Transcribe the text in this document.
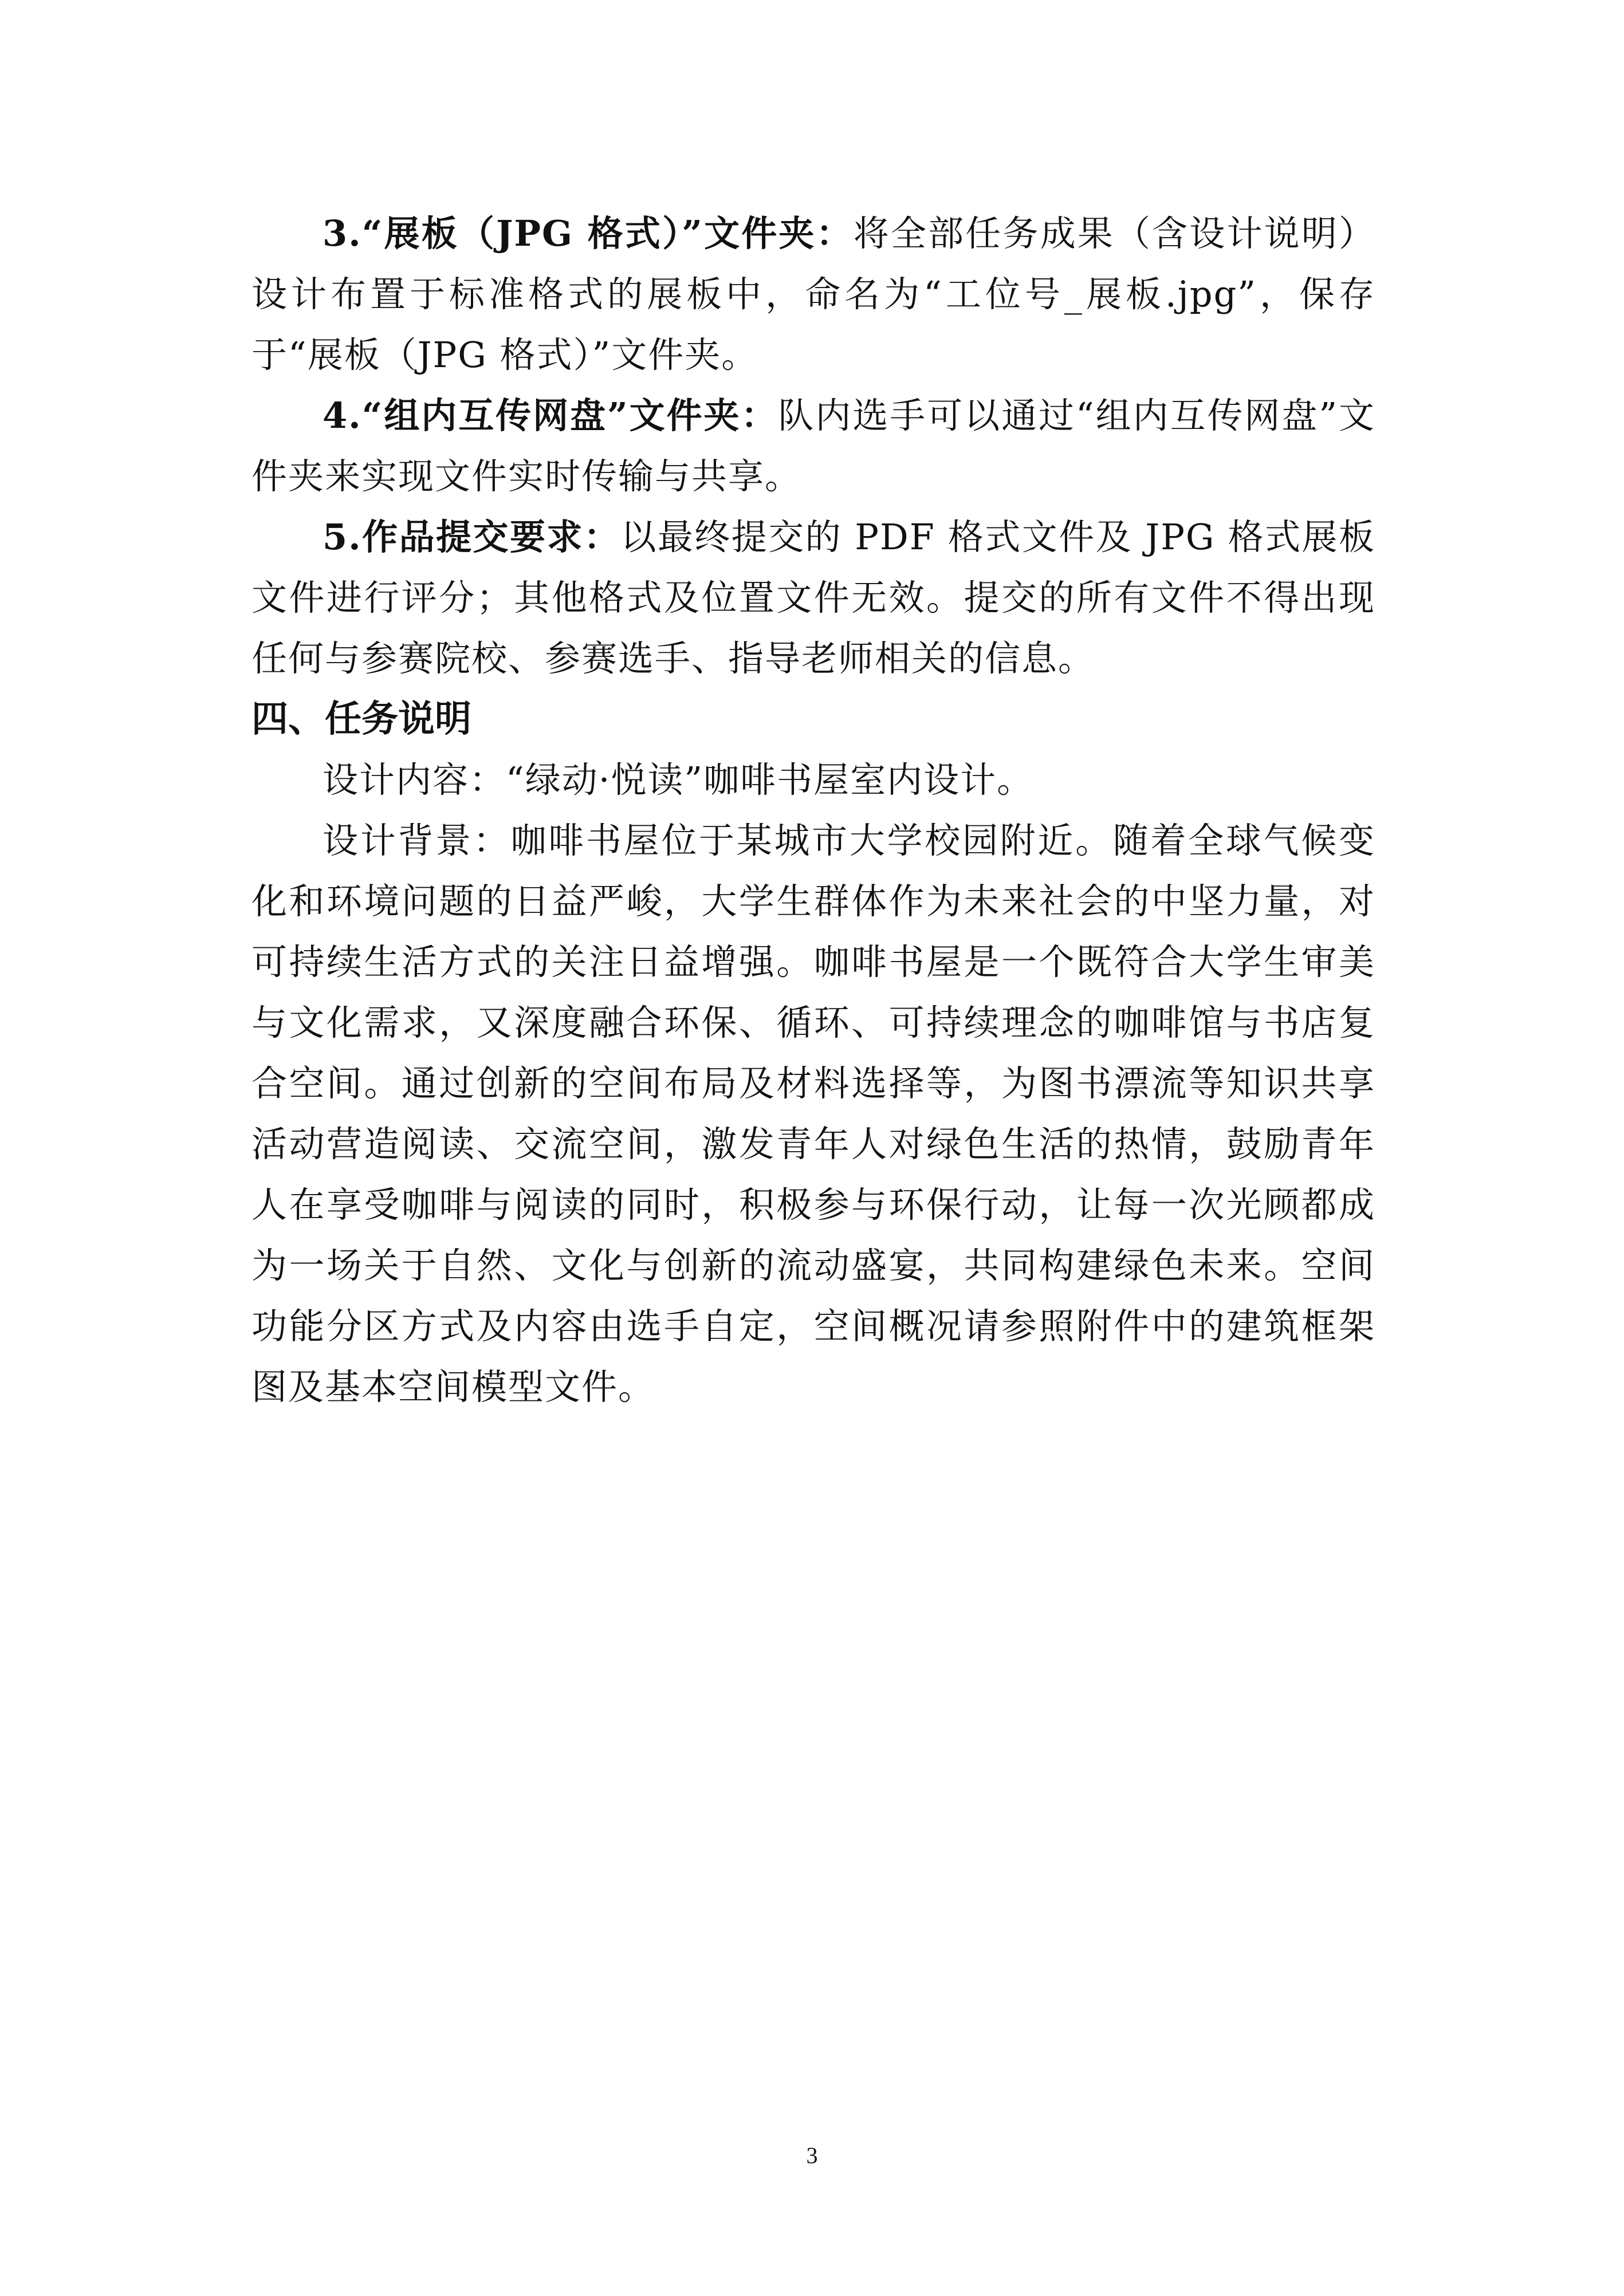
3.“展板（JPG 格式）”文件夹：将全部任务成果（含设计说明）设计布置于标准格式的展板中，命名为“工位号_展板.jpg”，保存于“展板（JPG 格式）”文件夹。

4.“组内互传网盘”文件夹：队内选手可以通过“组内互传网盘”文件夹来实现文件实时传输与共享。

5.作品提交要求：以最终提交的 PDF 格式文件及 JPG 格式展板文件进行评分；其他格式及位置文件无效。提交的所有文件不得出现任何与参赛院校、参赛选手、指导老师相关的信息。

四、任务说明

设计内容：“绿动·悦读”咖啡书屋室内设计。

设计背景：咖啡书屋位于某城市大学校园附近。随着全球气候变化和环境问题的日益严峻，大学生群体作为未来社会的中坚力量，对可持续生活方式的关注日益增强。咖啡书屋是一个既符合大学生审美与文化需求，又深度融合环保、循环、可持续理念的咖啡馆与书店复合空间。通过创新的空间布局及材料选择等，为图书漂流等知识共享活动营造阅读、交流空间，激发青年人对绿色生活的热情，鼓励青年人在享受咖啡与阅读的同时，积极参与环保行动，让每一次光顾都成为一场关于自然、文化与创新的流动盛宴，共同构建绿色未来。空间功能分区方式及内容由选手自定，空间概况请参照附件中的建筑框架图及基本空间模型文件。

3
